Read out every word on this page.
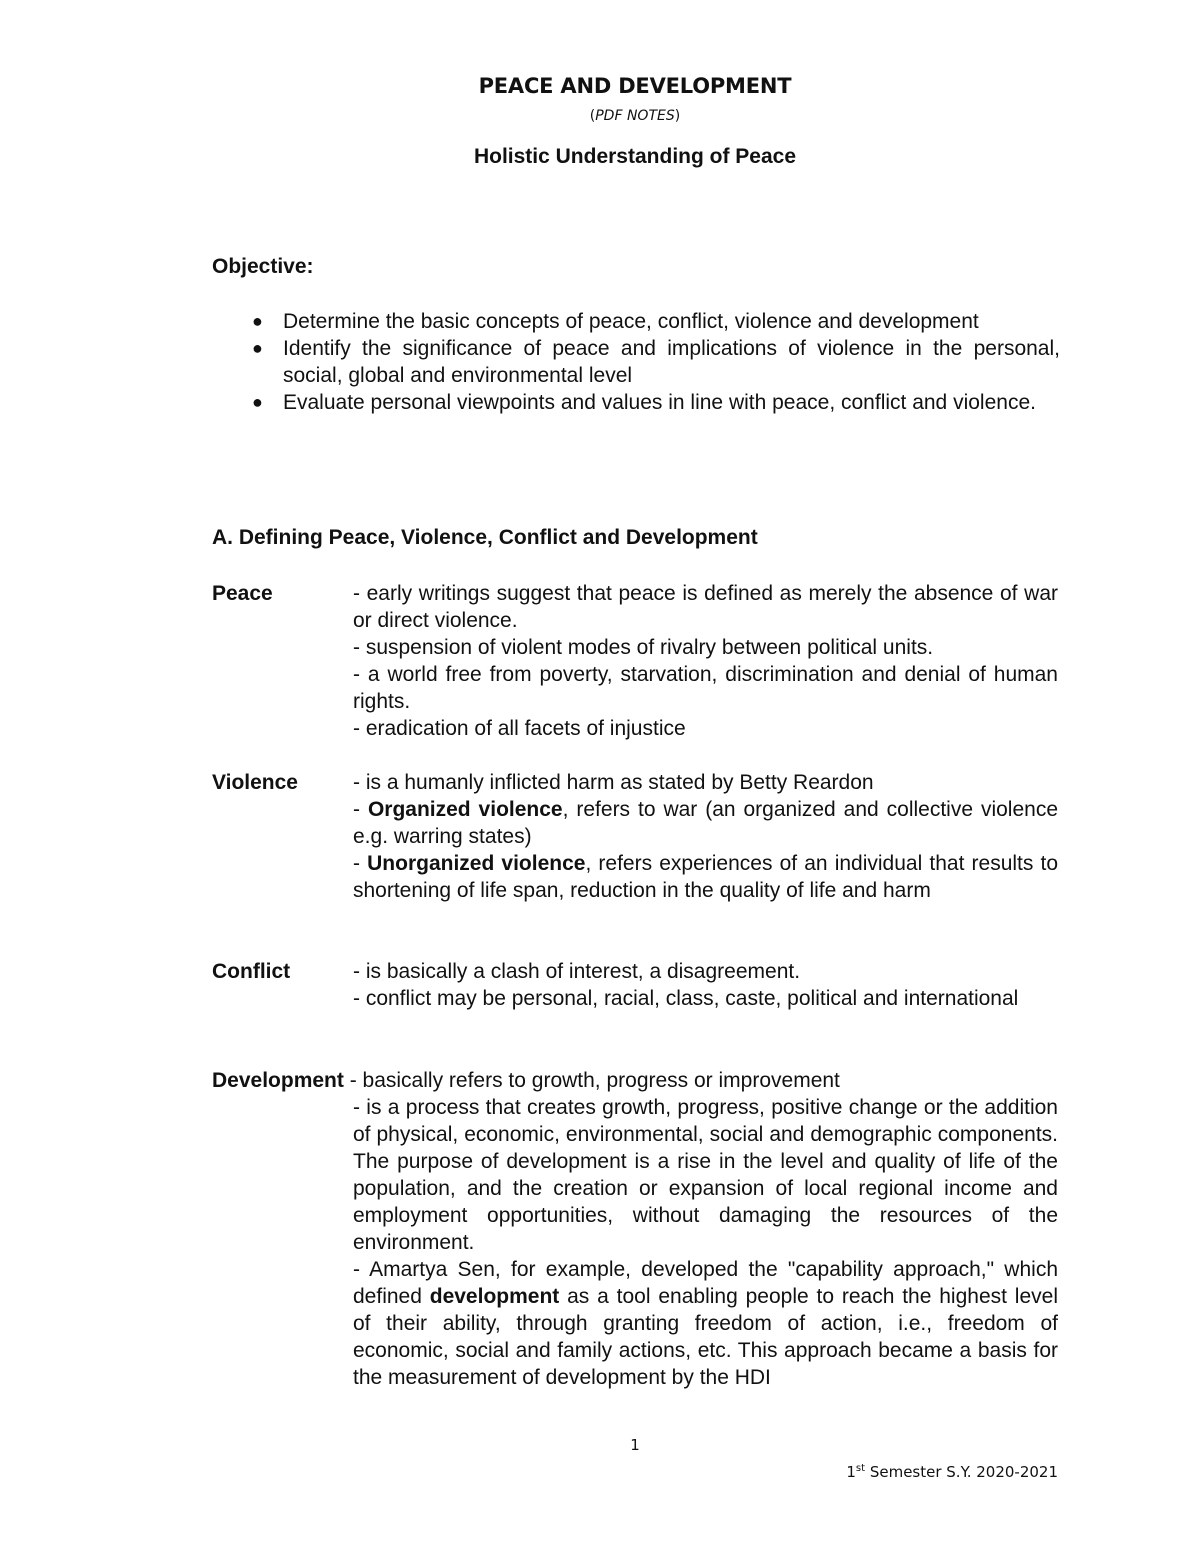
PEACE AND DEVELOPMENT
(PDF NOTES)
Holistic Understanding of Peace
Objective:
● Determine the basic concepts of peace, conflict, violence and development
● Identify the significance of peace and implications of violence in the personal, social, global and environmental level
● Evaluate personal viewpoints and values in line with peace, conflict and violence.
A. Defining Peace, Violence, Conflict and Development
Peace	- early writings suggest that peace is defined as merely the absence of war or direct violence.

- suspension of violent modes of rivalry between political units.

- a world free from poverty, starvation, discrimination and denial of human rights.

- eradication of all facets of injustice

Violence	- is a humanly inflicted harm as stated by Betty Reardon

- Organized violence, refers to war (an organized and collective violence e.g. warring states)

- Unorganized violence, refers experiences of an individual that results to shortening of life span, reduction in the quality of life and harm

Conflict	- is basically a clash of interest, a disagreement.

- conflict may be personal, racial, class, caste, political and international

Development - basically refers to growth, progress or improvement

- is a process that creates growth, progress, positive change or the addition of physical, economic, environmental, social and demographic components. The purpose of development is a rise in the level and quality of life of the population, and the creation or expansion of local regional income and employment opportunities, without damaging the resources of the environment.

- Amartya Sen, for example, developed the "capability approach," which defined development as a tool enabling people to reach the highest level of their ability, through granting freedom of action, i.e., freedom of economic, social and family actions, etc. This approach became a basis for the measurement of development by the HDI

1
1st Semester S.Y. 2020-2021
